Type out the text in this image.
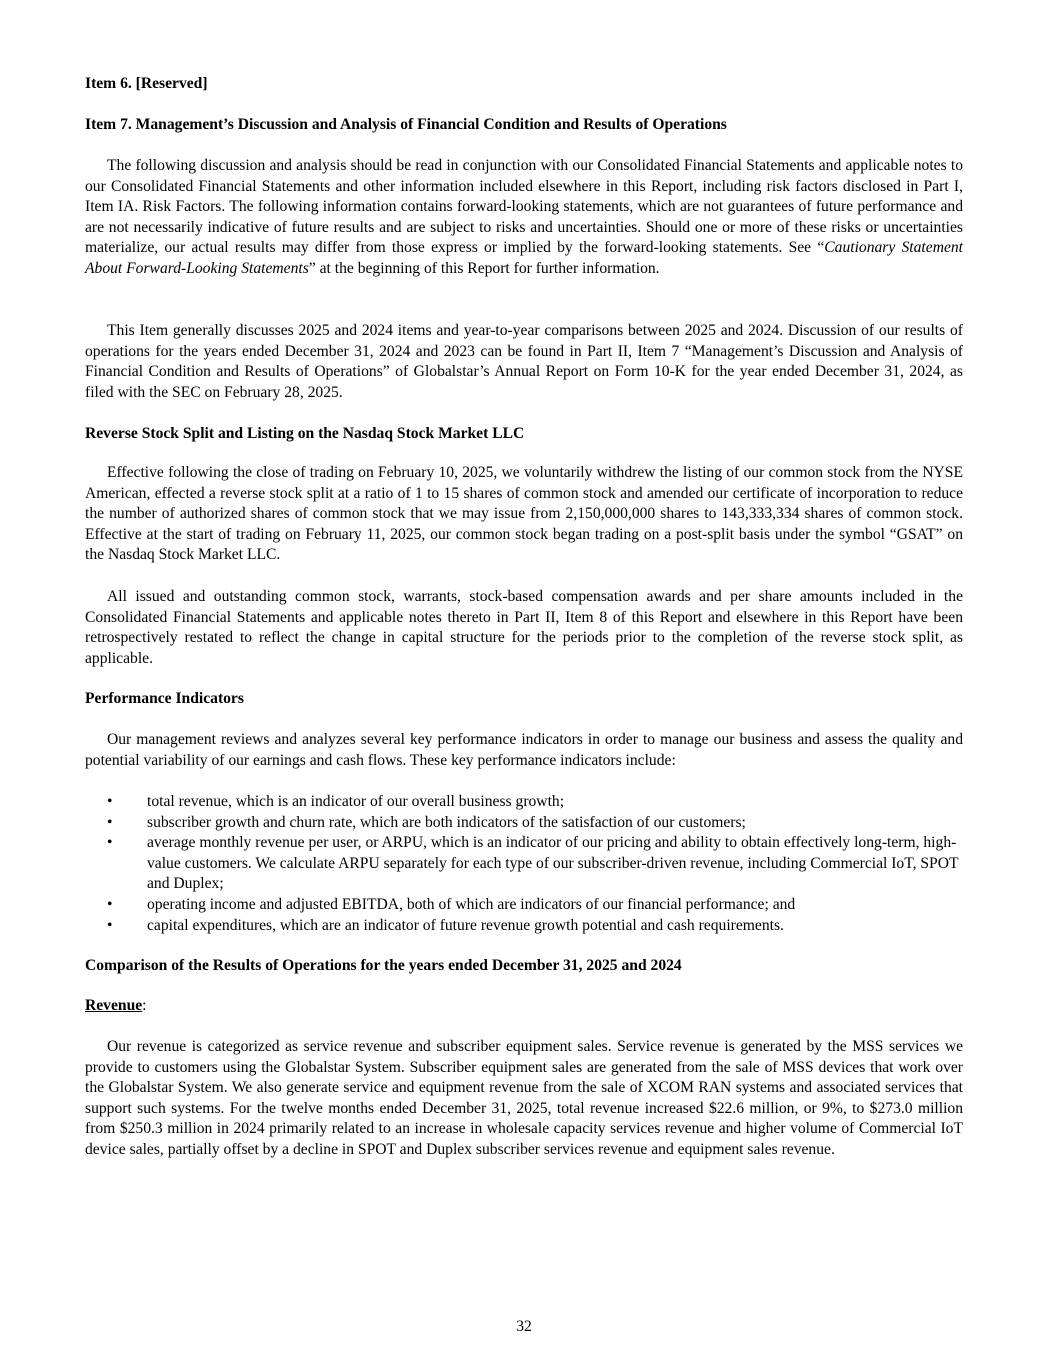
Item 6. [Reserved]
Item 7. Management’s Discussion and Analysis of Financial Condition and Results of Operations
The following discussion and analysis should be read in conjunction with our Consolidated Financial Statements and applicable notes to our Consolidated Financial Statements and other information included elsewhere in this Report, including risk factors disclosed in Part I, Item IA. Risk Factors. The following information contains forward-looking statements, which are not guarantees of future performance and are not necessarily indicative of future results and are subject to risks and uncertainties. Should one or more of these risks or uncertainties materialize, our actual results may differ from those express or implied by the forward-looking statements. See “Cautionary Statement About Forward-Looking Statements” at the beginning of this Report for further information.
This Item generally discusses 2025 and 2024 items and year-to-year comparisons between 2025 and 2024. Discussion of our results of operations for the years ended December 31, 2024 and 2023 can be found in Part II, Item 7 “Management’s Discussion and Analysis of Financial Condition and Results of Operations” of Globalstar’s Annual Report on Form 10-K for the year ended December 31, 2024, as filed with the SEC on February 28, 2025.
Reverse Stock Split and Listing on the Nasdaq Stock Market LLC
Effective following the close of trading on February 10, 2025, we voluntarily withdrew the listing of our common stock from the NYSE American, effected a reverse stock split at a ratio of 1 to 15 shares of common stock and amended our certificate of incorporation to reduce the number of authorized shares of common stock that we may issue from 2,150,000,000 shares to 143,333,334 shares of common stock. Effective at the start of trading on February 11, 2025, our common stock began trading on a post-split basis under the symbol “GSAT” on the Nasdaq Stock Market LLC.
All issued and outstanding common stock, warrants, stock-based compensation awards and per share amounts included in the Consolidated Financial Statements and applicable notes thereto in Part II, Item 8 of this Report and elsewhere in this Report have been retrospectively restated to reflect the change in capital structure for the periods prior to the completion of the reverse stock split, as applicable.
Performance Indicators
Our management reviews and analyzes several key performance indicators in order to manage our business and assess the quality and potential variability of our earnings and cash flows. These key performance indicators include:
• total revenue, which is an indicator of our overall business growth;
• subscriber growth and churn rate, which are both indicators of the satisfaction of our customers;
• average monthly revenue per user, or ARPU, which is an indicator of our pricing and ability to obtain effectively long-term, high-value customers. We calculate ARPU separately for each type of our subscriber-driven revenue, including Commercial IoT, SPOT and Duplex;
• operating income and adjusted EBITDA, both of which are indicators of our financial performance; and
• capital expenditures, which are an indicator of future revenue growth potential and cash requirements.
Comparison of the Results of Operations for the years ended December 31, 2025 and 2024
Revenue:
Our revenue is categorized as service revenue and subscriber equipment sales. Service revenue is generated by the MSS services we provide to customers using the Globalstar System. Subscriber equipment sales are generated from the sale of MSS devices that work over the Globalstar System. We also generate service and equipment revenue from the sale of XCOM RAN systems and associated services that support such systems. For the twelve months ended December 31, 2025, total revenue increased $22.6 million, or 9%, to $273.0 million from $250.3 million in 2024 primarily related to an increase in wholesale capacity services revenue and higher volume of Commercial IoT device sales, partially offset by a decline in SPOT and Duplex subscriber services revenue and equipment sales revenue.
32
